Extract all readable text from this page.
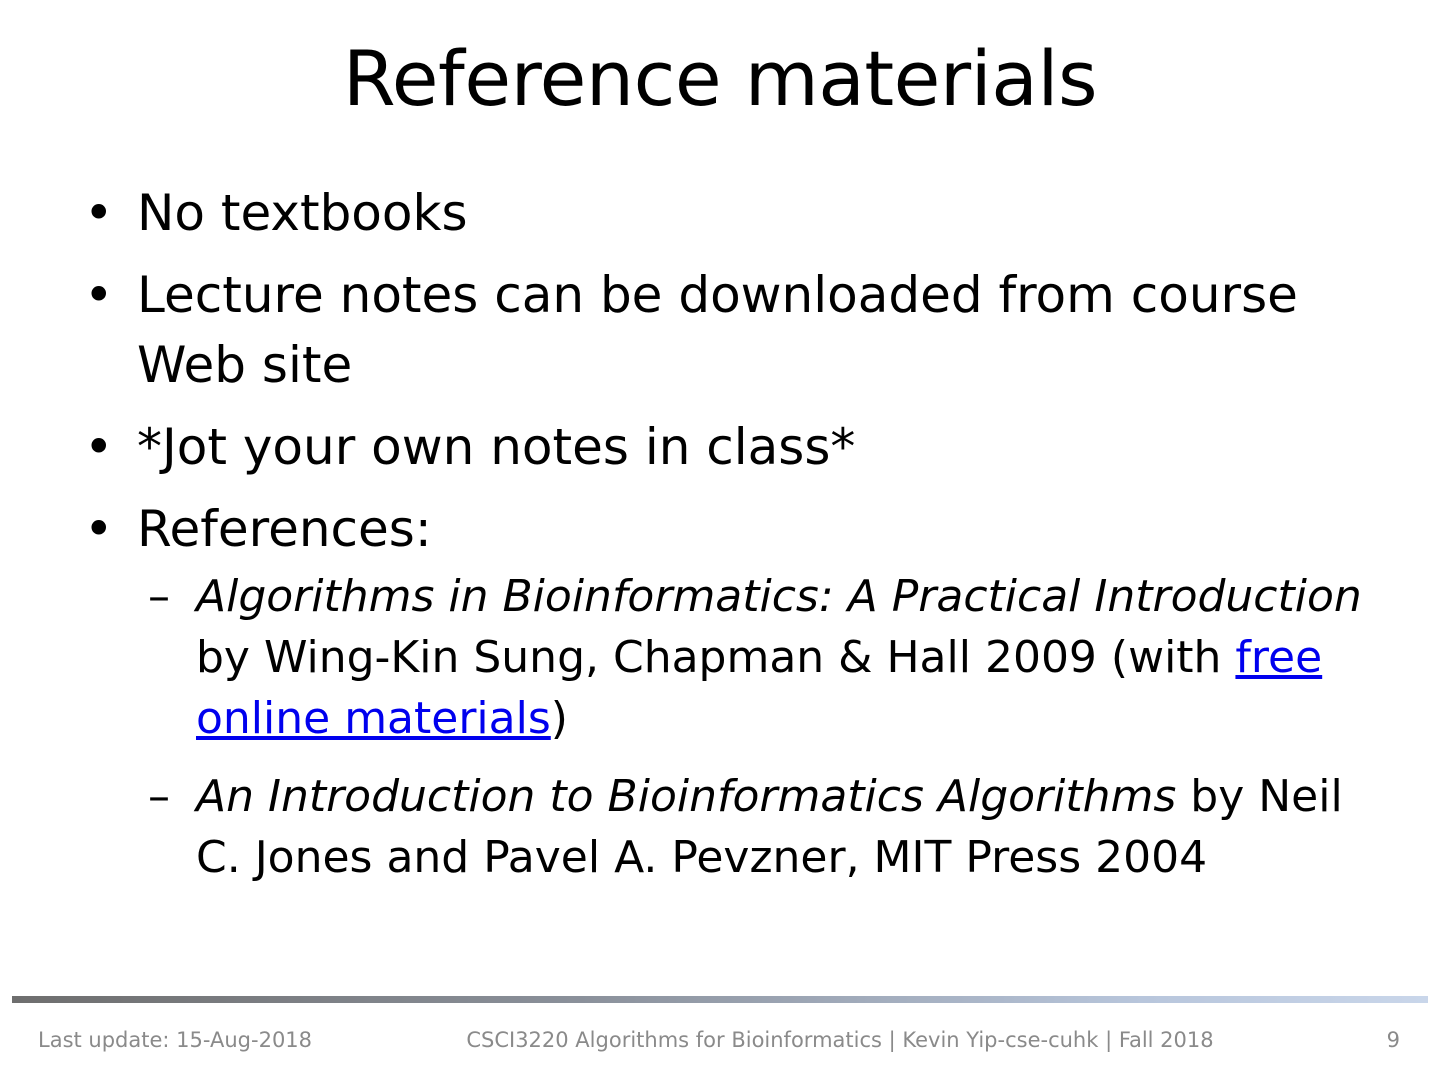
Reference materials
• No textbooks
• Lecture notes can be downloaded from course Web site
• *Jot your own notes in class*
• References:
– Algorithms in Bioinformatics: A Practical Introduction by Wing-Kin Sung, Chapman & Hall 2009 (with free online materials)
– An Introduction to Bioinformatics Algorithms by Neil C. Jones and Pavel A. Pevzner, MIT Press 2004
Last update: 15-Aug-2018	CSCI3220 Algorithms for Bioinformatics | Kevin Yip-cse-cuhk | Fall 2018	9
